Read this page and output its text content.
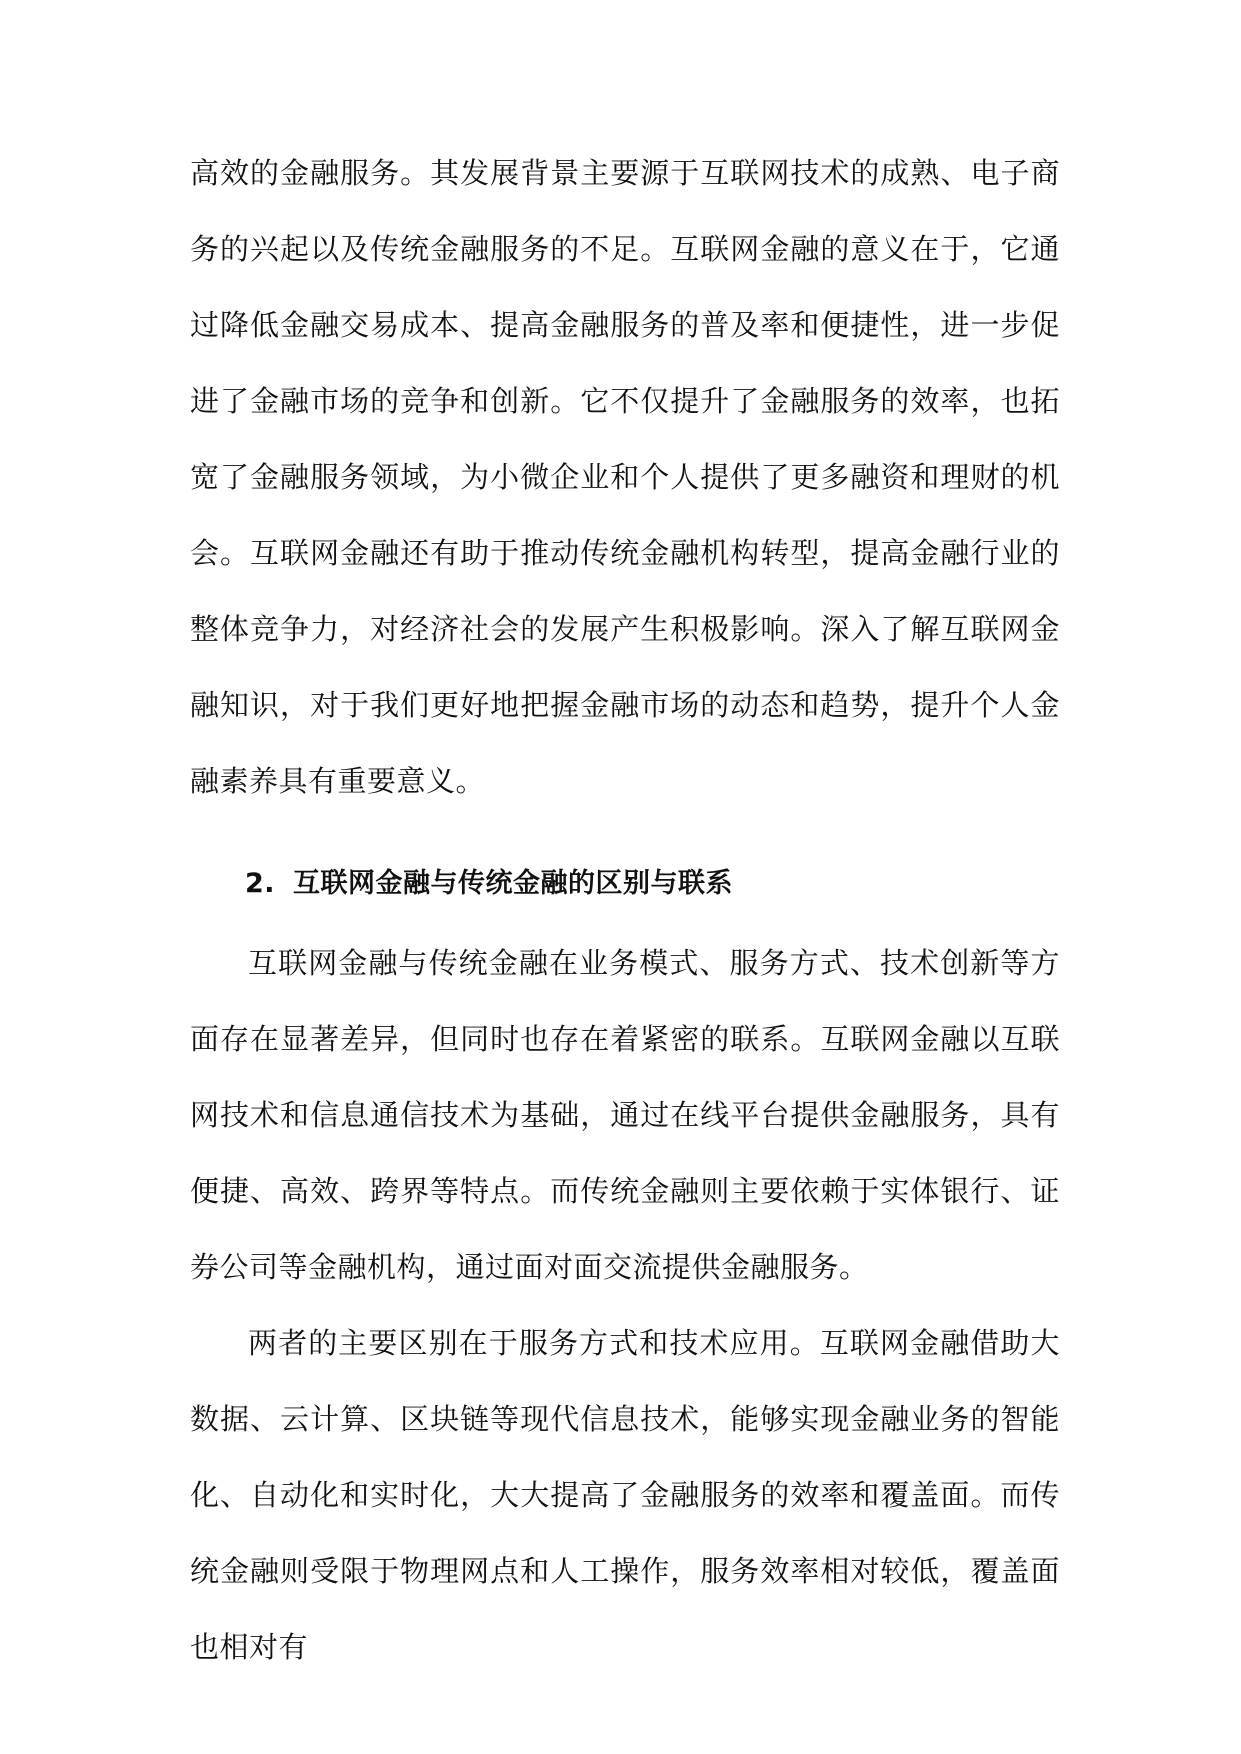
高效的金融服务。其发展背景主要源于互联网技术的成熟、电子商务的兴起以及传统金融服务的不足。互联网金融的意义在于，它通过降低金融交易成本、提高金融服务的普及率和便捷性，进一步促进了金融市场的竞争和创新。它不仅提升了金融服务的效率，也拓宽了金融服务领域，为小微企业和个人提供了更多融资和理财的机会。互联网金融还有助于推动传统金融机构转型，提高金融行业的整体竞争力，对经济社会的发展产生积极影响。深入了解互联网金融知识，对于我们更好地把握金融市场的动态和趋势，提升个人金融素养具有重要意义。

2. 互联网金融与传统金融的区别与联系

互联网金融与传统金融在业务模式、服务方式、技术创新等方面存在显著差异，但同时也存在着紧密的联系。互联网金融以互联网技术和信息通信技术为基础，通过在线平台提供金融服务，具有便捷、高效、跨界等特点。而传统金融则主要依赖于实体银行、证券公司等金融机构，通过面对面交流提供金融服务。

两者的主要区别在于服务方式和技术应用。互联网金融借助大数据、云计算、区块链等现代信息技术，能够实现金融业务的智能化、自动化和实时化，大大提高了金融服务的效率和覆盖面。而传统金融则受限于物理网点和人工操作，服务效率相对较低，覆盖面也相对有
